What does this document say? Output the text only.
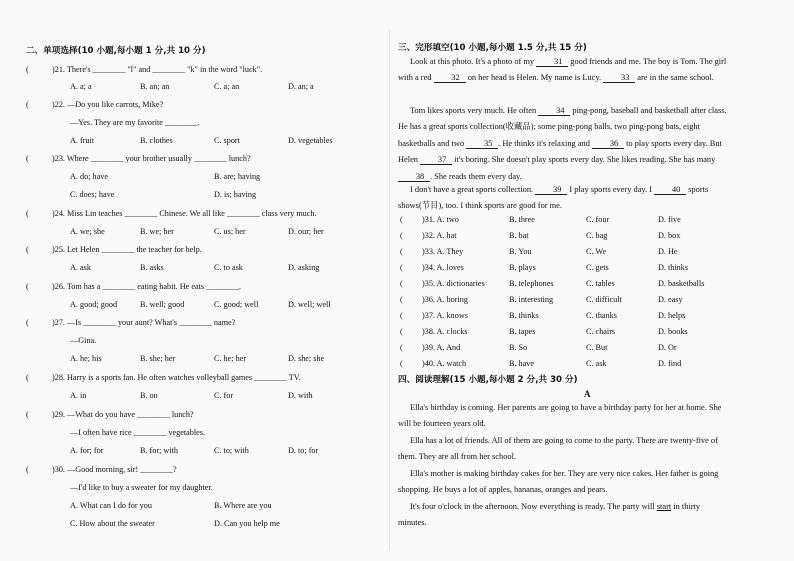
二、单项选择(10 小题,每小题 1 分,共 10 分)
(	)21. There's ________ "l" and ________ "k" in the word "luck".
A. a; a	B. an; an	C. a; an	D. an; a
(	)22. —Do you like carrots, Mike?
—Yes. They are my favorite ________.
A. fruit	B. clothes	C. sport	D. vegetables
(	)23. Where ________ your brother usually ________ lunch?
A. do; have	B. are; having
C. does; have	D. is; having
(	)24. Miss Lin teaches ________ Chinese. We all like ________ class very much.
A. we; she	B. we; her	C. us; her	D. our; her
(	)25. Let Helen ________ the teacher for help.
A. ask	B. asks	C. to ask	D. asking
(	)26. Tom has a ________ eating habit. He eats ________.
A. good; good	B. well; good	C. good; well	D. well; well
(	)27. —Is ________ your aunt? What's ________ name?
—Gina.
A. he; his	B. she; her	C. he; her	D. she; she
(	)28. Harry is a sports fan. He often watches volleyball games ________ TV.
A. in	B. on	C. for	D. with
(	)29. —What do you have ________ lunch?
—I often have rice ________ vegetables.
A. for; for	B. for; with	C. to; with	D. to; for
(	)30. —Good morning, sir! ________?
—I'd like to buy a sweater for my daughter.
A. What can I do for you	B. Where are you
C. How about the sweater	D. Can you help me
三、完形填空(10 小题,每小题 1.5 分,共 15 分)
Look at this photo. It's a photo of my 31 good friends and me. The boy is Tom. The girl with a red 32 on her head is Helen. My name is Lucy. 33 are in the same school.
Tom likes sports very much. He often 34 ping-pong, baseball and basketball after class. He has a great sports collection(收藏品); some ping-pong balls, two ping-pong bats, eight basketballs and two 35 . He thinks it's relaxing and 36 to play sports every day. But Helen 37 it's boring. She doesn't play sports every day. She likes reading. She has many 38 . She reads them every day.
I don't have a great sports collection. 39 I play sports every day. I 40 sports shows(节目), too. I think sports are good for me.
( )31. A. two	B. three	C. four	D. five
( )32. A. hat	B. bat	C. bag	D. box
( )33. A. They	B. You	C. We	D. He
( )34. A. loves	B. plays	C. gets	D. thinks
( )35. A. dictionaries	B. telephones	C. tables	D. basketballs
( )36. A. boring	B. interesting	C. difficult	D. easy
( )37. A. knows	B. thinks	C. thanks	D. helps
( )38. A. clocks	B. tapes	C. chairs	D. books
( )39. A. And	B. So	C. But	D. Or
( )40. A. watch	B. have	C. ask	D. find
四、阅读理解(15 小题,每小题 2 分,共 30 分)
A
Ella's birthday is coming. Her parents are going to have a birthday party for her at home. She will be fourteen years old.
Ella has a lot of friends. All of them are going to come to the party. There are twenty-five of them. They are all from her school.
Ella's mother is making birthday cakes for her. They are very nice cakes. Her father is going shopping. He buys a lot of apples, bananas, oranges and pears.
It's four o'clock in the afternoon. Now everything is ready. The party will start in thirty minutes.
